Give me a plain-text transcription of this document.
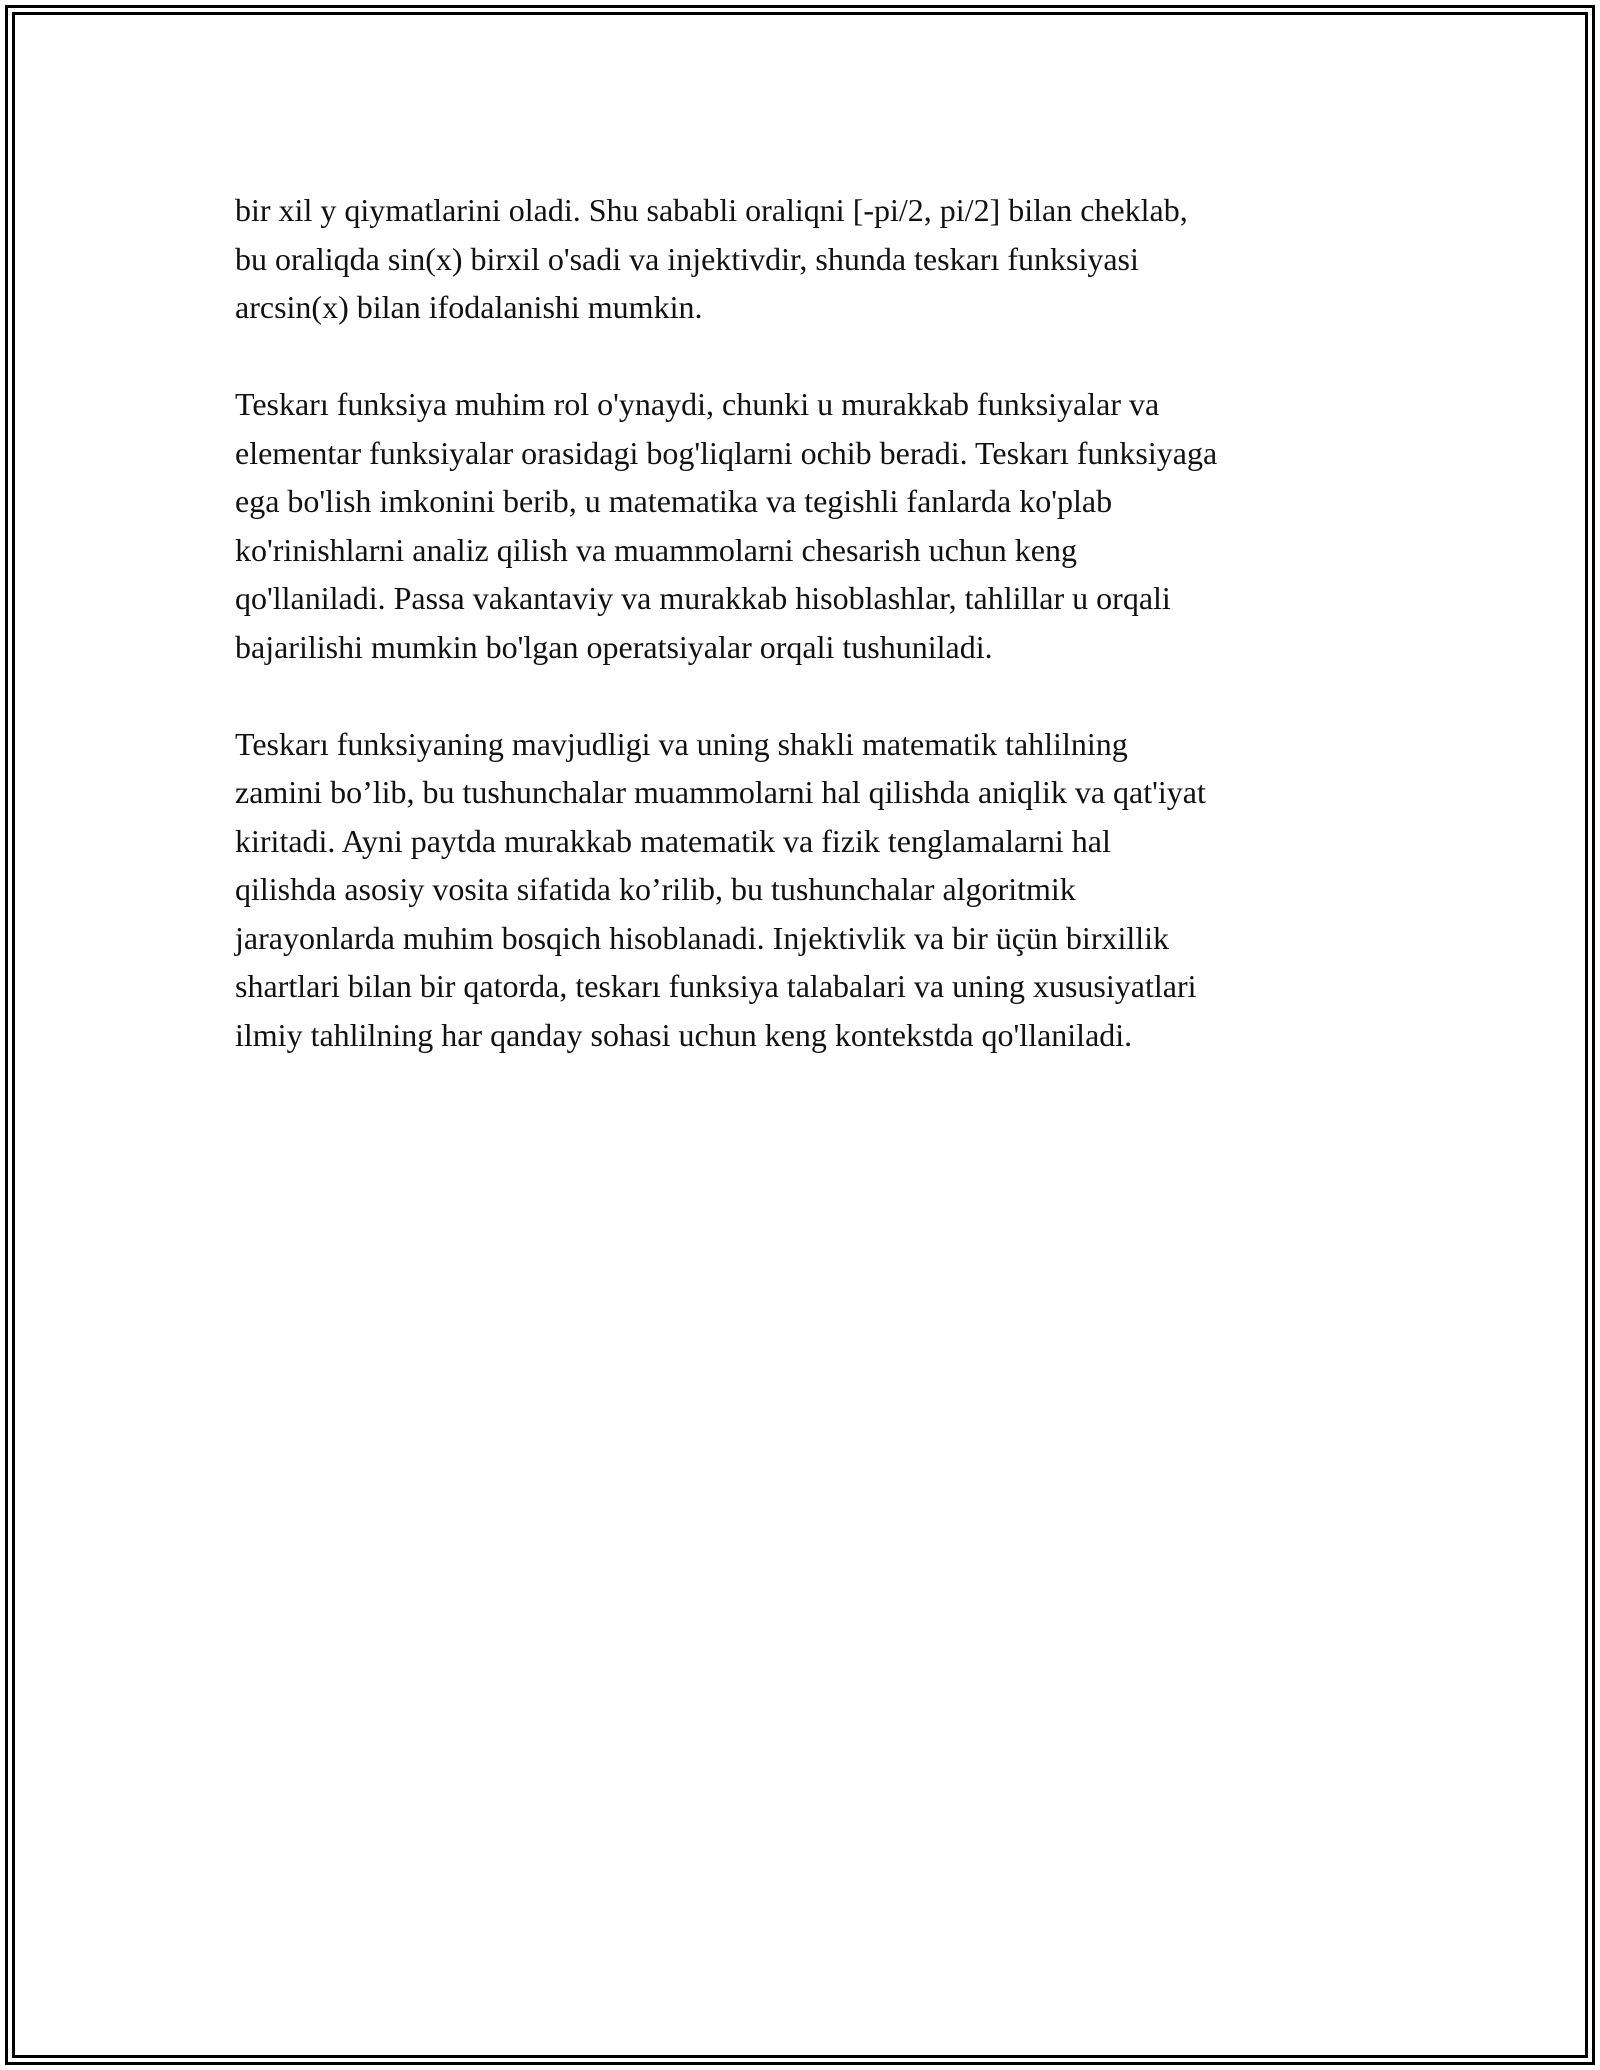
bir xil y qiymatlarini oladi. Shu sababli oraliqni [-pi/2, pi/2] bilan cheklab,
bu oraliqda sin(x) birxil o'sadi va injektivdir, shunda teskarı funksiyasi
arcsin(x) bilan ifodalanishi mumkin.

Teskarı funksiya muhim rol o'ynaydi, chunki u murakkab funksiyalar va
elementar funksiyalar orasidagi bog'liqlarni ochib beradi. Teskarı funksiyaga
ega bo'lish imkonini berib, u matematika va tegishli fanlarda ko'plab
ko'rinishlarni analiz qilish va muammolarni chesarish uchun keng
qo'llaniladi. Passa vakantaviy va murakkab hisoblashlar, tahlillar u orqali
bajarilishi mumkin bo'lgan operatsiyalar orqali tushuniladi.

Teskarı funksiyaning mavjudligi va uning shakli matematik tahlilning
zamini bo’lib, bu tushunchalar muammolarni hal qilishda aniqlik va qat'iyat
kiritadi. Ayni paytda murakkab matematik va fizik tenglamalarni hal
qilishda asosiy vosita sifatida ko’rilib, bu tushunchalar algoritmik
jarayonlarda muhim bosqich hisoblanadi. Injektivlik va bir üçün birxillik
shartlari bilan bir qatorda, teskarı funksiya talabalari va uning xususiyatlari
ilmiy tahlilning har qanday sohasi uchun keng kontekstda qo'llaniladi.
